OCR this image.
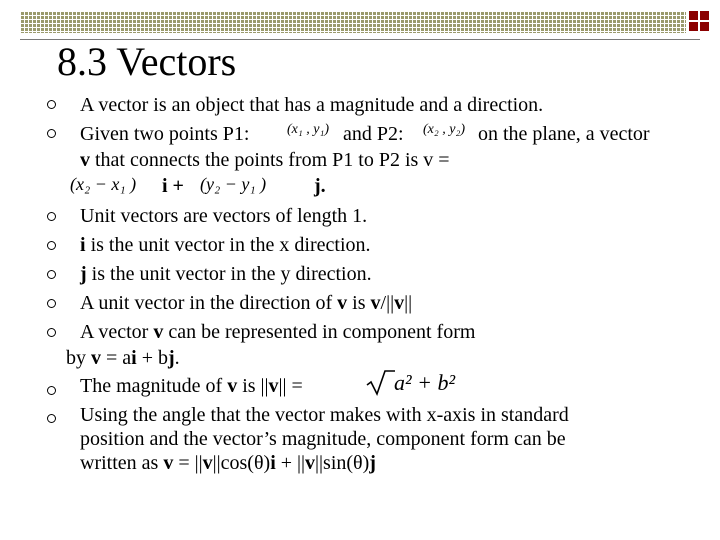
8.3 Vectors
A vector is an object that has a magnitude and a direction.
Given two points P1:	(x₁ , y₁) and P2: (x₂ , y₂) on the plane, a vector
v that connects the points from P1 to P2 is v =
(x₂ − x₁ ) i + (y₂ − y₁ ) j.
Unit vectors are vectors of length 1.
i is the unit vector in the x direction.
j is the unit vector in the y direction.
A unit vector in the direction of v is v/||v||
A vector v can be represented in component form
by v = ai + bj.
The magnitude of v is ||v|| =	a² + b²
Using the angle that the vector makes with x-axis in standard
position and the vector’s magnitude, component form can be
written as v = ||v||cos(θ)i + ||v||sin(θ)j
